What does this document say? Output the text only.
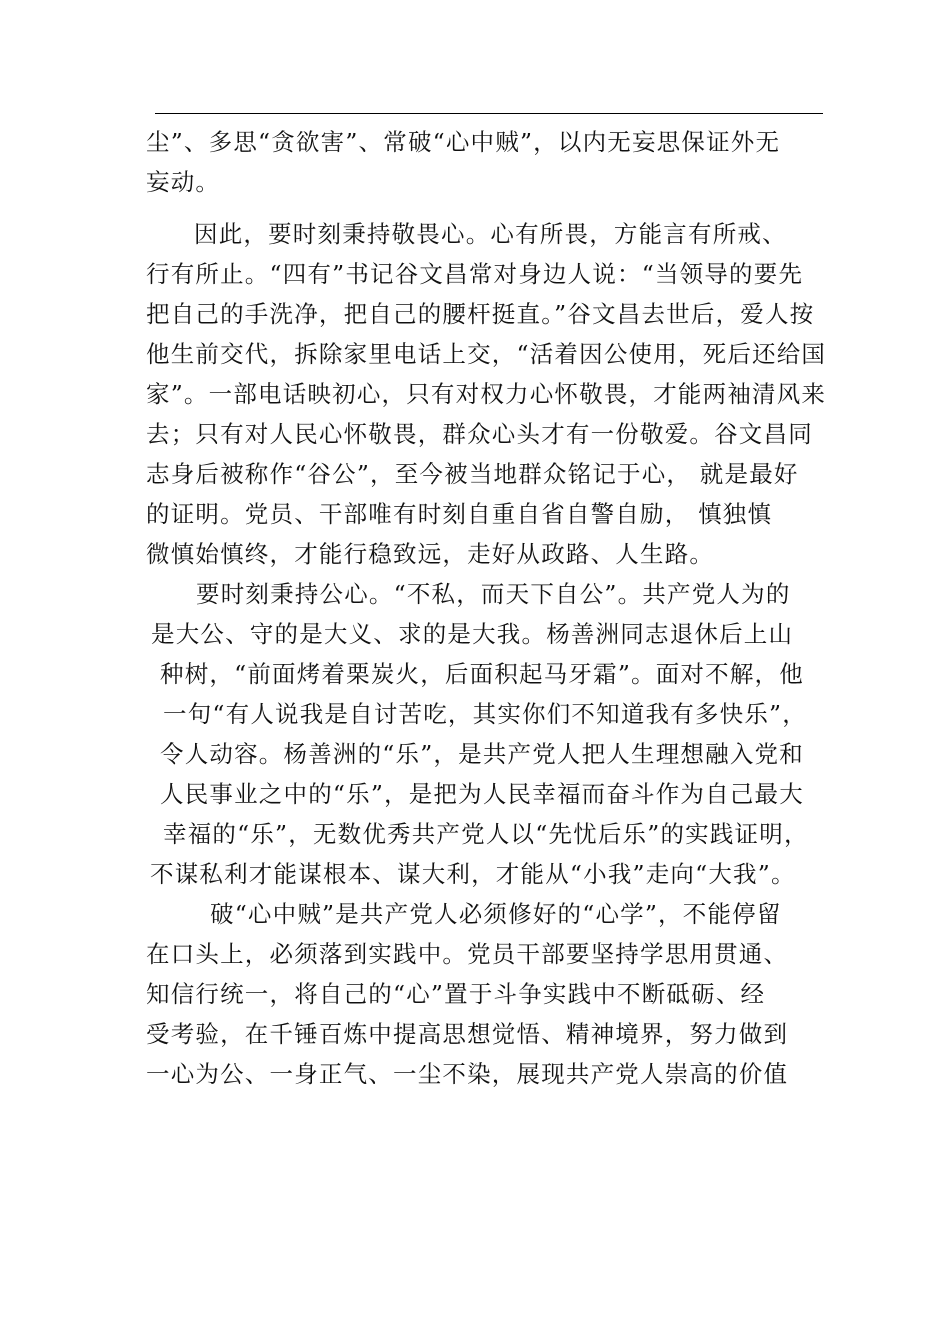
尘”、多思“贪欲害”、常破“心中贼”，以内无妄思保证外无
妄动。
因此，要时刻秉持敬畏心。心有所畏，方能言有所戒、
行有所止。“四有”书记谷文昌常对身边人说：“当领导的要先
把自己的手洗净，把自己的腰杆挺直。”谷文昌去世后，爱人按
他生前交代，拆除家里电话上交，“活着因公使用，死后还给国
家”。一部电话映初心，只有对权力心怀敬畏，才能两袖清风来
去；只有对人民心怀敬畏，群众心头才有一份敬爱。谷文昌同
志身后被称作“谷公”，至今被当地群众铭记于心， 就是最好
的证明。党员、干部唯有时刻自重自省自警自励， 慎独慎
微慎始慎终，才能行稳致远，走好从政路、人生路。
要时刻秉持公心。“不私，而天下自公”。共产党人为的
是大公、守的是大义、求的是大我。杨善洲同志退休后上山
种树，“前面烤着栗炭火，后面积起马牙霜”。面对不解，他
一句“有人说我是自讨苦吃，其实你们不知道我有多快乐”，
令人动容。杨善洲的“乐”，是共产党人把人生理想融入党和
人民事业之中的“乐”，是把为人民幸福而奋斗作为自己最大
幸福的“乐”，无数优秀共产党人以“先忧后乐”的实践证明，
不谋私利才能谋根本、谋大利，才能从“小我”走向“大我”。
破“心中贼”是共产党人必须修好的“心学”，不能停留
在口头上，必须落到实践中。党员干部要坚持学思用贯通、
知信行统一，将自己的“心”置于斗争实践中不断砥砺、经
受考验，在千锤百炼中提高思想觉悟、精神境界，努力做到
一心为公、一身正气、一尘不染，展现共产党人崇高的价值
